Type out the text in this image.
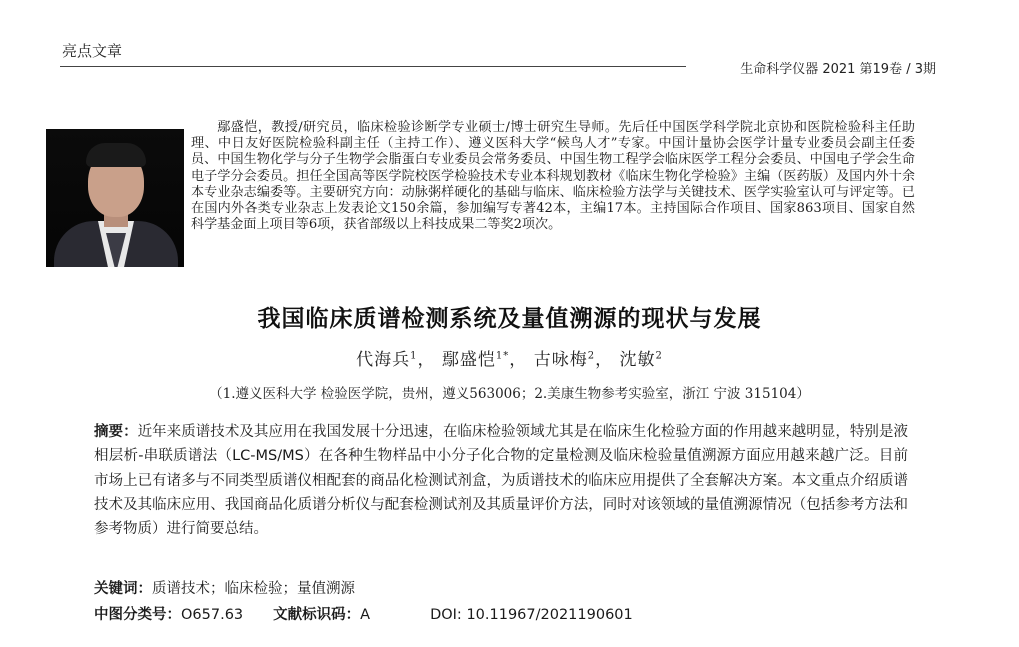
亮点文章
生命科学仪器 2021 第19卷 / 3期

鄢盛恺，教授/研究员，临床检验诊断学专业硕士/博士研究生导师。先后任中国医学科学院北京协和医院检验科主任助理、中日友好医院检验科副主任（主持工作）、遵义医科大学“候鸟人才”专家。中国计量协会医学计量专业委员会副主任委员、中国生物化学与分子生物学会脂蛋白专业委员会常务委员、中国生物工程学会临床医学工程分会委员、中国电子学会生命电子学分会委员。担任全国高等医学院校医学检验技术专业本科规划教材《临床生物化学检验》主编（医药版）及国内外十余本专业杂志编委等。主要研究方向：动脉粥样硬化的基础与临床、临床检验方法学与关键技术、医学实验室认可与评定等。已在国内外各类专业杂志上发表论文150余篇，参加编写专著42本，主编17本。主持国际合作项目、国家863项目、国家自然科学基金面上项目等6项，获省部级以上科技成果二等奖2项次。

我国临床质谱检测系统及量值溯源的现状与发展
代海兵$^1$， 鄢盛恺$^{1*}$， 古咏梅$^2$， 沈敏$^2$
（1.遵义医科大学 检验医学院，贵州，遵义563006；2.美康生物参考实验室，浙江 宁波 315104）

摘要：近年来质谱技术及其应用在我国发展十分迅速，在临床检验领域尤其是在临床生化检验方面的作用越来越明显，特别是液相层析-串联质谱法（LC-MS/MS）在各种生物样品中小分子化合物的定量检测及临床检验量值溯源方面应用越来越广泛。目前市场上已有诸多与不同类型质谱仪相配套的商品化检测试剂盒，为质谱技术的临床应用提供了全套解决方案。本文重点介绍质谱技术及其临床应用、我国商品化质谱分析仪与配套检测试剂及其质量评价方法，同时对该领域的量值溯源情况（包括参考方法和参考物质）进行简要总结。

关键词：质谱技术；临床检验；量值溯源
中图分类号：O657.63 文献标识码：A	DOI: 10.11967/2021190601
